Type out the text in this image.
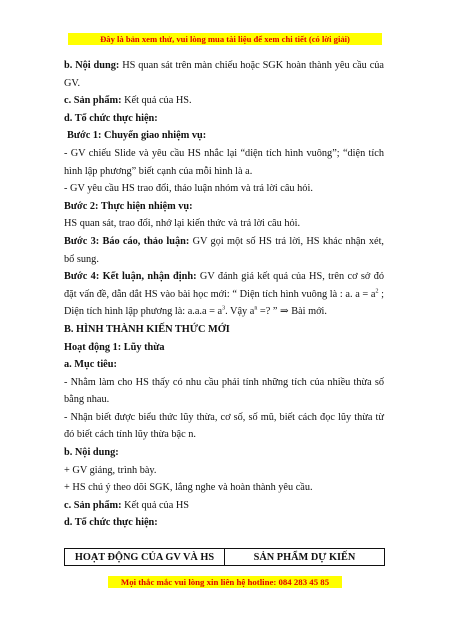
Đây là bản xem thử, vui lòng mua tài liệu để xem chi tiết (có lời giải)

b. Nội dung: HS quan sát trên màn chiếu hoặc SGK hoàn thành yêu cầu của GV.

c. Sản phẩm: Kết quả của HS.

d. Tổ chức thực hiện:

Bước 1: Chuyển giao nhiệm vụ:

- GV chiếu Slide và yêu cầu HS nhắc lại “diện tích hình vuông”; “diện tích hình lập phương” biết cạnh của mỗi hình là a.

- GV yêu cầu HS trao đổi, thảo luận nhóm và trả lời câu hỏi.

Bước 2: Thực hiện nhiệm vụ:

HS quan sát, trao đổi, nhớ lại kiến thức và trả lời câu hỏi.

Bước 3: Báo cáo, thảo luận: GV gọi một số HS trả lời, HS khác nhận xét, bổ sung.

Bước 4: Kết luận, nhận định: GV đánh giá kết quả của HS, trên cơ sở đó đặt vấn đề, dẫn dắt HS vào bài học mới: “ Diện tích hình vuông là : a. $a = a^2$ ; Diện tích hình lập phương là: $a.a.a = a^3$. Vậy $a^n$ =? ” ⇒ Bài mới.

B. HÌNH THÀNH KIẾN THỨC MỚI

Hoạt động 1: Lũy thừa

a. Mục tiêu:

- Nhằm làm cho HS thấy có nhu cầu phải tính những tích của nhiều thừa số bằng nhau.

- Nhận biết được biểu thức lũy thừa, cơ số, số mũ, biết cách đọc lũy thừa từ đó biết cách tính lũy thừa bậc n.

b. Nội dung:

+ GV giảng, trình bày.

+ HS chú ý theo dõi SGK, lắng nghe và hoàn thành yêu cầu.

c. Sản phẩm: Kết quả của HS

d. Tổ chức thực hiện:

HOẠT ĐỘNG CỦA GV VÀ HS	SẢN PHẨM DỰ KIẾN
Mọi thắc mắc vui lòng xin liên hệ hotline: 084 283 45 85
